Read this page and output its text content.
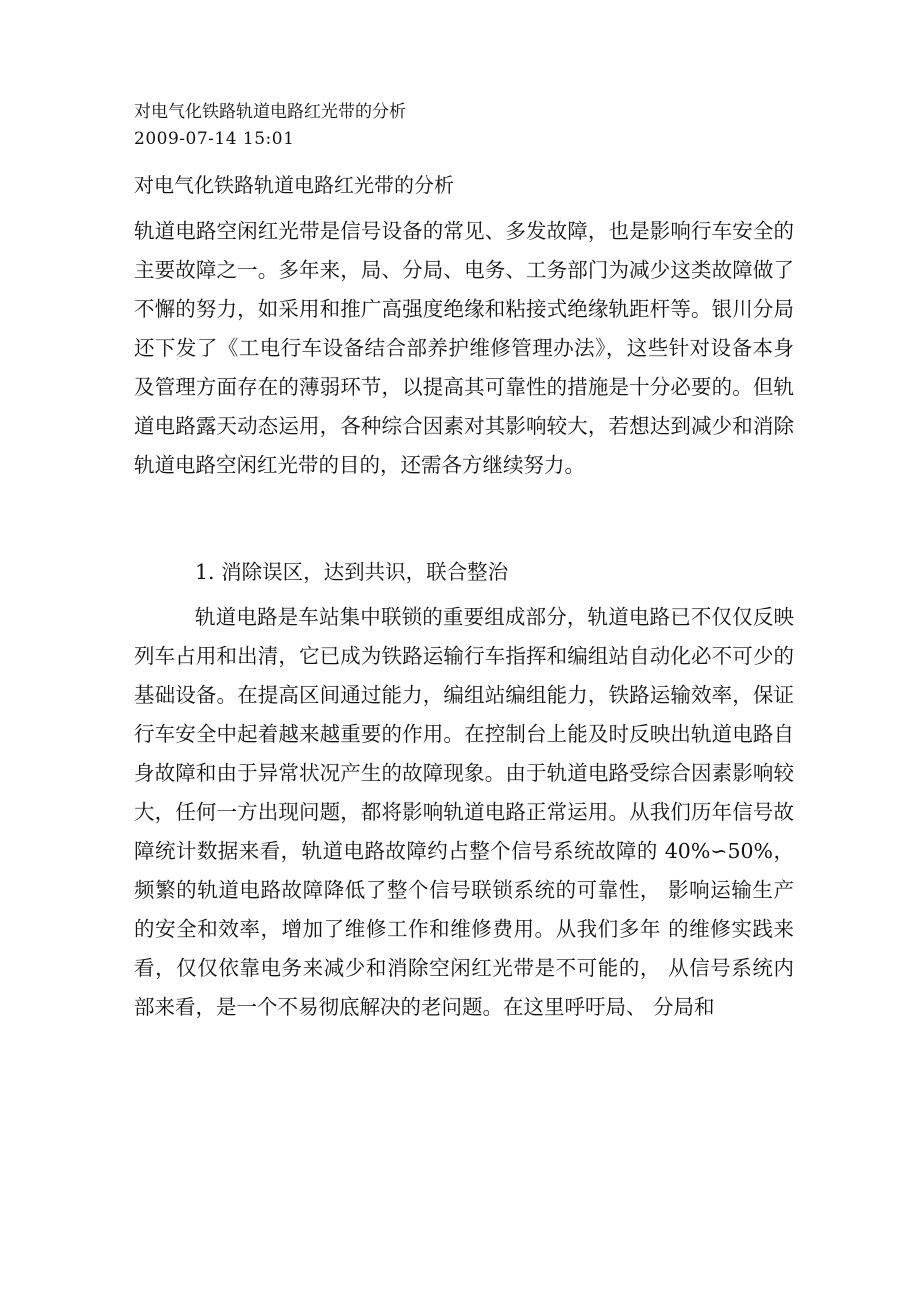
对电气化铁路轨道电路红光带的分析
2009-07-14 15:01
对电气化铁路轨道电路红光带的分析
轨道电路空闲红光带是信号设备的常见、多发故障，也是影响行车安全的主要故障之一。多年来，局、分局、电务、工务部门为减少这类故障做了不懈的努力，如采用和推广高强度绝缘和粘接式绝缘轨距杆等。银川分局还下发了《工电行车设备结合部养护维修管理办法》，这些针对设备本身及管理方面存在的薄弱环节，以提高其可靠性的措施是十分必要的。但轨道电路露天动态运用，各种综合因素对其影响较大，若想达到减少和消除轨道电路空闲红光带的目的，还需各方继续努力。
1. 消除误区，达到共识，联合整治
轨道电路是车站集中联锁的重要组成部分，轨道电路已不仅仅反映列车占用和出清，它已成为铁路运输行车指挥和编组站自动化必不可少的基础设备。在提高区间通过能力，编组站编组能力，铁路运输效率，保证行车安全中起着越来越重要的作用。在控制台上能及时反映出轨道电路自身故障和由于异常状况产生的故障现象。由于轨道电路受综合因素影响较大，任何一方出现问题，都将影响轨道电路正常运用。从我们历年信号故障统计数据来看，轨道电路故障约占整个信号系统故障的 40%∽50%，频繁的轨道电路故障降低了整个信号联锁系统的可靠性， 影响运输生产的安全和效率，增加了维修工作和维修费用。从我们多年 的维修实践来看，仅仅依靠电务来减少和消除空闲红光带是不可能的， 从信号系统内部来看，是一个不易彻底解决的老问题。在这里呼吁局、 分局和
